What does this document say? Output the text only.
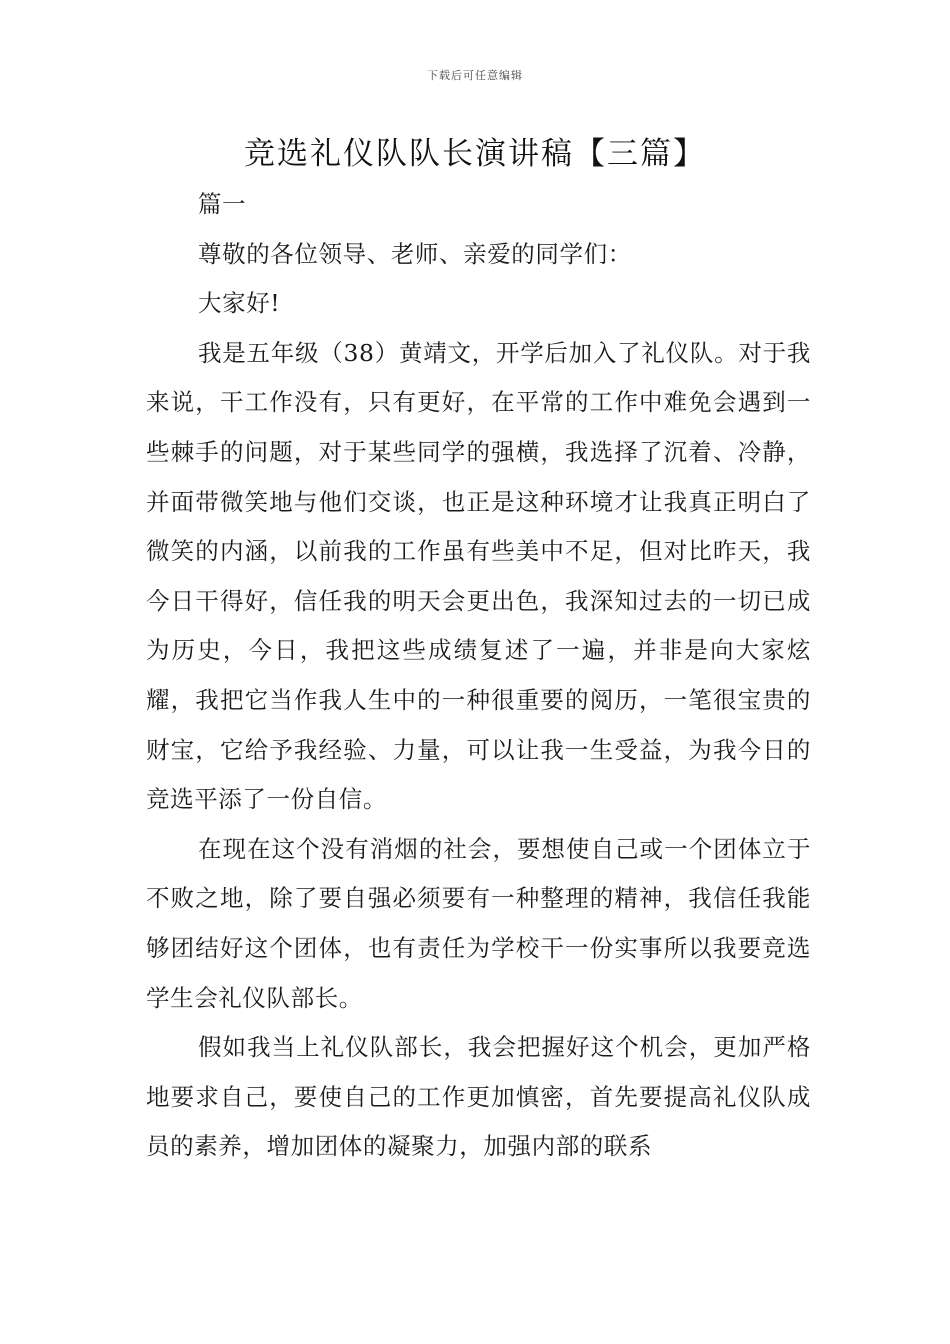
下载后可任意编辑
竞选礼仪队队长演讲稿【三篇】

篇一

尊敬的各位领导、老师、亲爱的同学们：

大家好!

我是五年级（38）黄靖文，开学后加入了礼仪队。对于我来说，干工作没有，只有更好，在平常的工作中难免会遇到一些棘手的问题，对于某些同学的强横，我选择了沉着、冷静，并面带微笑地与他们交谈，也正是这种环境才让我真正明白了微笑的内涵，以前我的工作虽有些美中不足，但对比昨天，我今日干得好，信任我的明天会更出色，我深知过去的一切已成为历史，今日，我把这些成绩复述了一遍，并非是向大家炫耀，我把它当作我人生中的一种很重要的阅历，一笔很宝贵的财宝，它给予我经验、力量，可以让我一生受益，为我今日的竞选平添了一份自信。

在现在这个没有消烟的社会，要想使自己或一个团体立于不败之地，除了要自强必须要有一种整理的精神，我信任我能够团结好这个团体，也有责任为学校干一份实事所以我要竞选学生会礼仪队部长。

假如我当上礼仪队部长，我会把握好这个机会，更加严格地要求自己，要使自己的工作更加慎密，首先要提高礼仪队成员的素养，增加团体的凝聚力，加强内部的联系
